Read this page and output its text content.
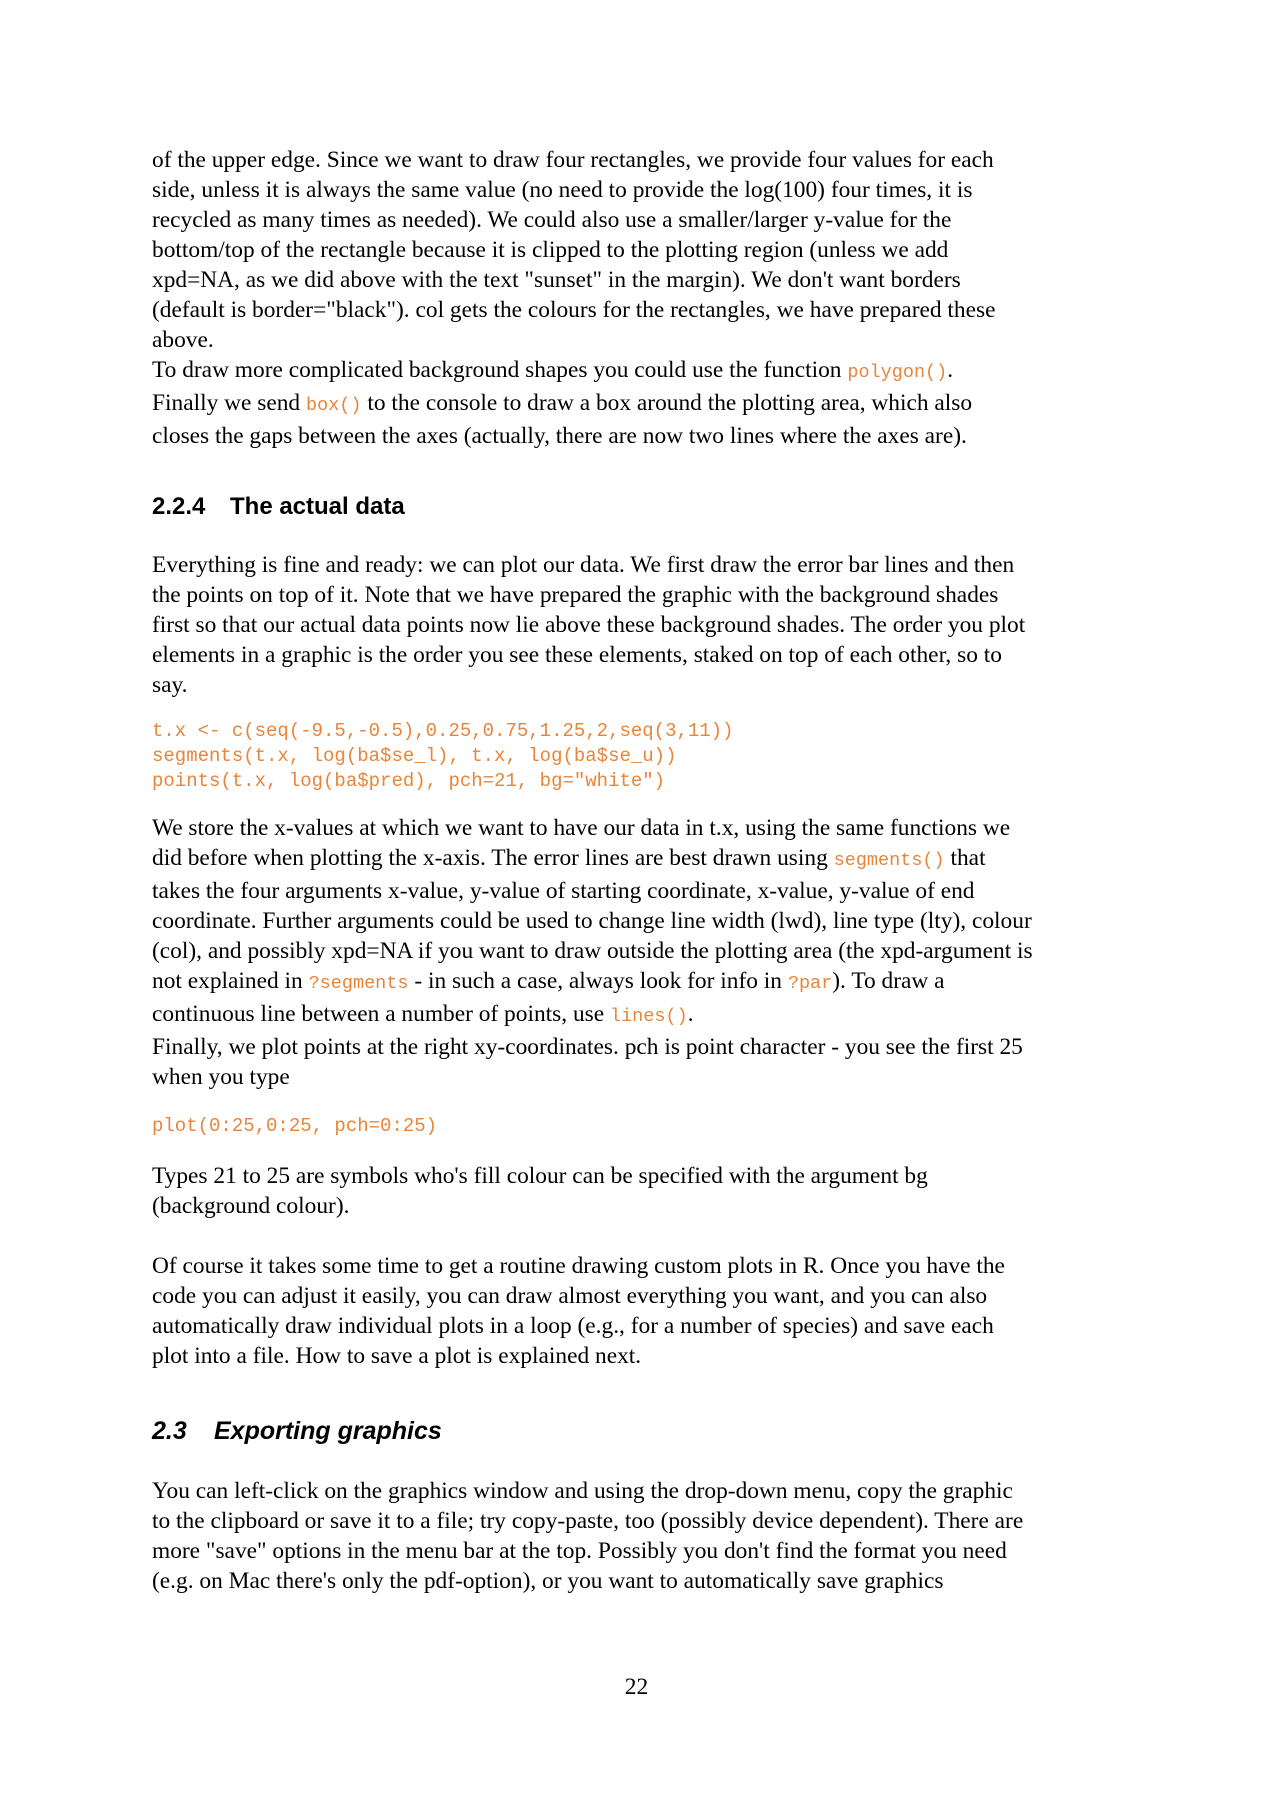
of the upper edge. Since we want to draw four rectangles, we provide four values for each

side, unless it is always the same value (no need to provide the log(100) four times, it is

recycled as many times as needed). We could also use a smaller/larger y-value for the

bottom/top of the rectangle because it is clipped to the plotting region (unless we add

xpd=NA, as we did above with the text "sunset" in the margin). We don't want borders

(default is border="black"). col gets the colours for the rectangles, we have prepared these

above.

To draw more complicated background shapes you could use the function polygon().

Finally we send box() to the console to draw a box around the plotting area, which also

closes the gaps between the axes (actually, there are now two lines where the axes are).

2.2.4 The actual data

Everything is fine and ready: we can plot our data. We first draw the error bar lines and then

the points on top of it. Note that we have prepared the graphic with the background shades

first so that our actual data points now lie above these background shades. The order you plot

elements in a graphic is the order you see these elements, staked on top of each other, so to

say.

t.x <- c(seq(-9.5,-0.5),0.25,0.75,1.25,2,seq(3,11))
segments(t.x, log(ba$se_l), t.x, log(ba$se_u))
points(t.x, log(ba$pred), pch=21, bg="white")

We store the x-values at which we want to have our data in t.x, using the same functions we

did before when plotting the x-axis. The error lines are best drawn using segments() that

takes the four arguments x-value, y-value of starting coordinate, x-value, y-value of end

coordinate. Further arguments could be used to change line width (lwd), line type (lty), colour

(col), and possibly xpd=NA if you want to draw outside the plotting area (the xpd-argument is

not explained in ?segments - in such a case, always look for info in ?par). To draw a

continuous line between a number of points, use lines().

Finally, we plot points at the right xy-coordinates. pch is point character - you see the first 25

when you type

plot(0:25,0:25, pch=0:25)

Types 21 to 25 are symbols who's fill colour can be specified with the argument bg

(background colour).

Of course it takes some time to get a routine drawing custom plots in R. Once you have the

code you can adjust it easily, you can draw almost everything you want, and you can also

automatically draw individual plots in a loop (e.g., for a number of species) and save each

plot into a file. How to save a plot is explained next.

2.3 Exporting graphics

You can left-click on the graphics window and using the drop-down menu, copy the graphic

to the clipboard or save it to a file; try copy-paste, too (possibly device dependent). There are

more "save" options in the menu bar at the top. Possibly you don't find the format you need

(e.g. on Mac there's only the pdf-option), or you want to automatically save graphics

22
